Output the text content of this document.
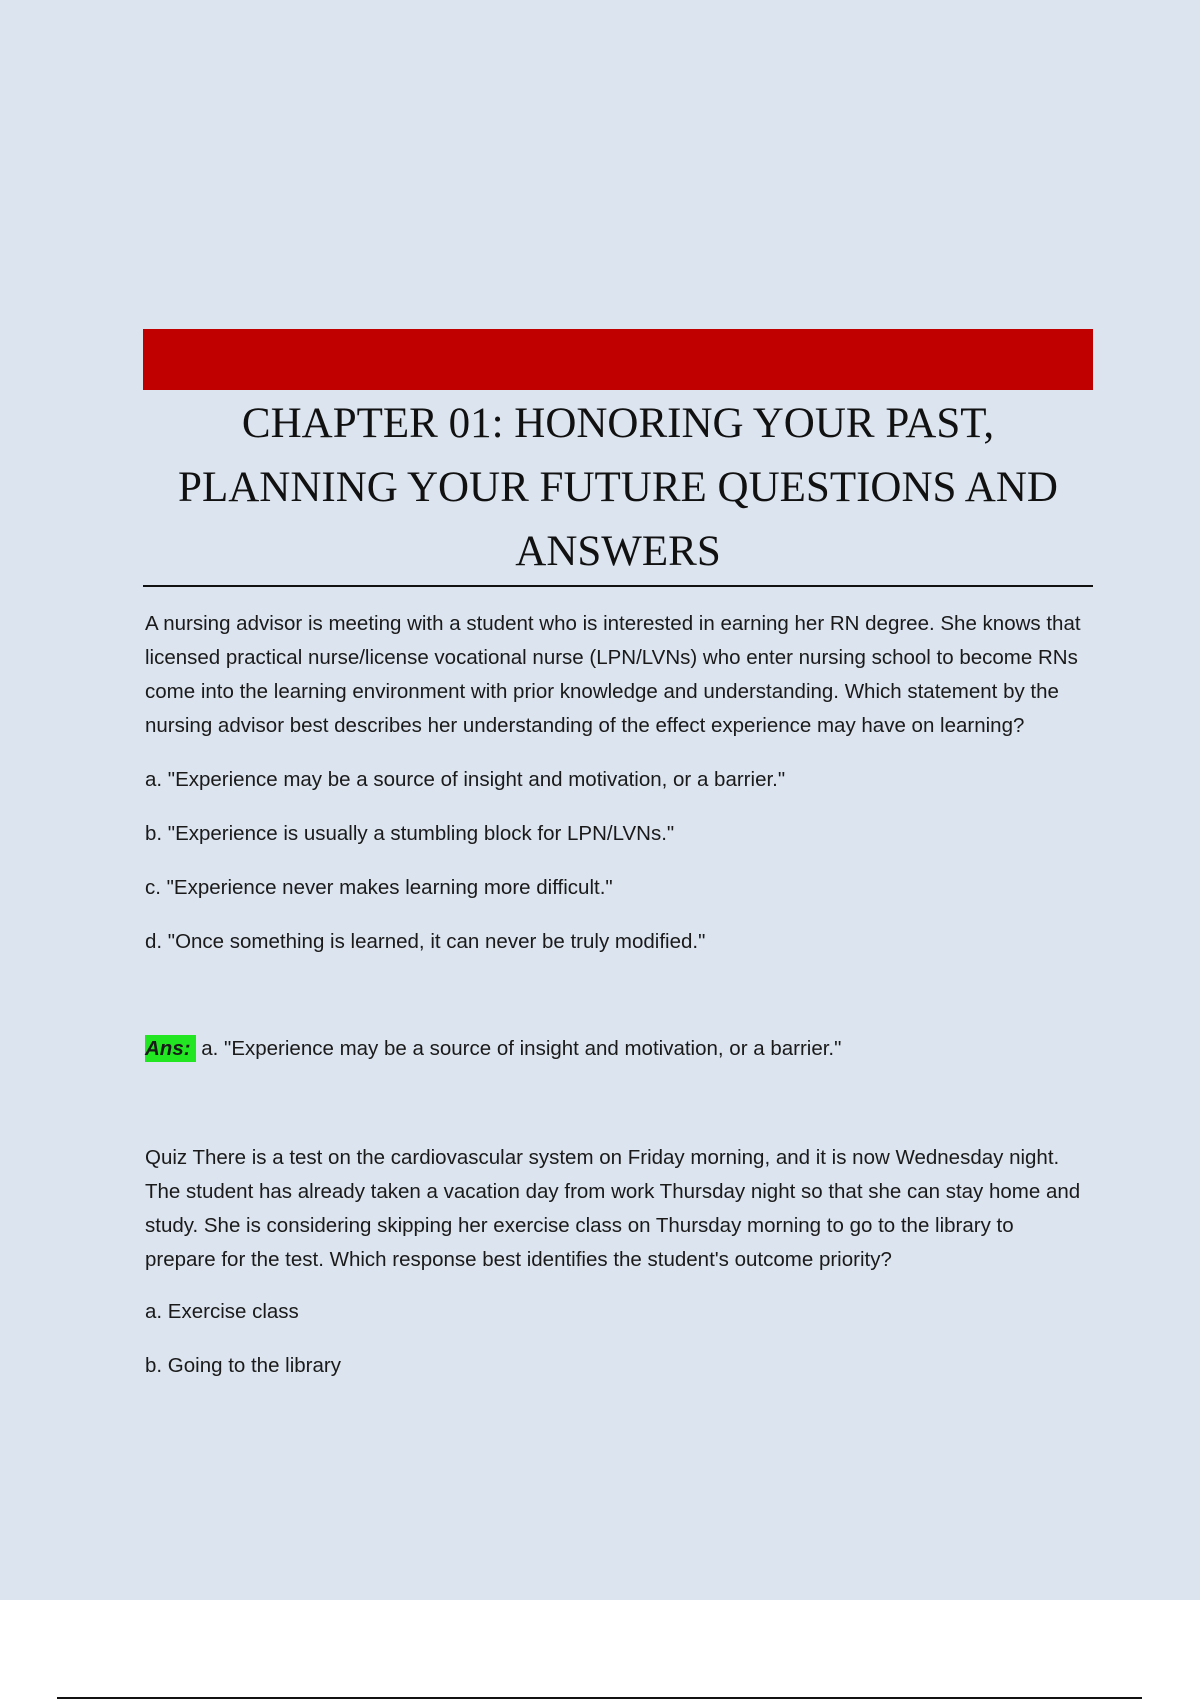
CHAPTER 01: HONORING YOUR PAST, PLANNING YOUR FUTURE QUESTIONS AND ANSWERS

A nursing advisor is meeting with a student who is interested in earning her RN degree. She knows that licensed practical nurse/license vocational nurse (LPN/LVNs) who enter nursing school to become RNs come into the learning environment with prior knowledge and understanding. Which statement by the nursing advisor best describes her understanding of the effect experience may have on learning?

a. "Experience may be a source of insight and motivation, or a barrier."

b. "Experience is usually a stumbling block for LPN/LVNs."

c. "Experience never makes learning more difficult."

d. "Once something is learned, it can never be truly modified."

Ans: a. "Experience may be a source of insight and motivation, or a barrier."

Quiz There is a test on the cardiovascular system on Friday morning, and it is now Wednesday night. The student has already taken a vacation day from work Thursday night so that she can stay home and study. She is considering skipping her exercise class on Thursday morning to go to the library to prepare for the test. Which response best identifies the student's outcome priority?

a. Exercise class

b. Going to the library
